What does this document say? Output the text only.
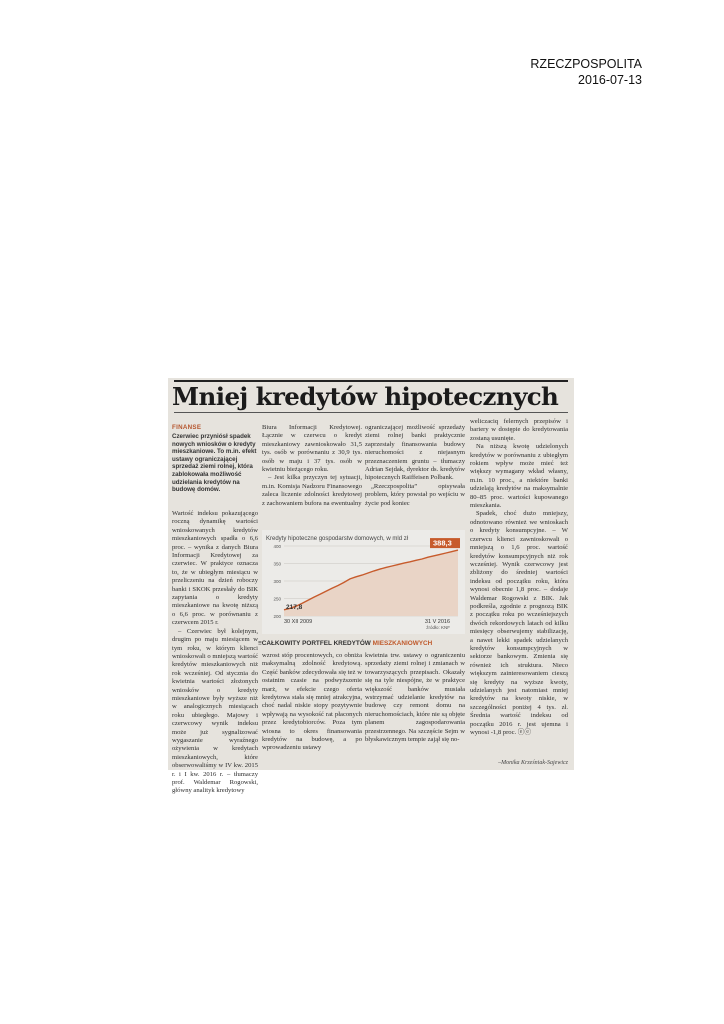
RZECZPOSPOLITA
2016-07-13
Mniej kredytów hipotecznych
FINANSE
Czerwiec przyniósł spadek nowych wniosków o kredyty mieszkaniowe. To m.in. efekt ustawy ograniczającej sprzedaż ziemi rolnej, która zablokowała możliwość udzielania kredytów na budowę domów.

Wartość indeksu pokazującego roczną dynamikę wartości wnioskowanych kredytów mieszkaniowych spadła o 6,6 proc. – wynika z danych Biura Informacji Kredytowej za czerwiec. W praktyce oznacza to, że w ubiegłym miesiącu w przeliczeniu na dzień roboczy banki i SKOK przesłały do BIK zapytania o kredyty mieszkaniowe na kwotę niższą o 6,6 proc. w porównaniu z czerwcem 2015 r.

– Czerwiec był kolejnym, drugim po maju miesiącem w tym roku, w którym klienci wnioskowali o mniejszą wartość kredytów mieszkaniowych niż rok wcześniej. Od stycznia do kwietnia wartości złożonych wniosków o kredyty mieszkaniowe były wyższe niż w analogicznych miesiącach roku ubiegłego. Majowy i czerwcowy wynik indeksu może już sygnalizować wygaszanie wyraźnego ożywienia w kredytach mieszkaniowych, które obserwowaliśmy w IV kw. 2015 r. i I kw. 2016 r. – tłumaczy prof. Waldemar Rogowski, główny analityk kredytowy

Biura Informacji Kredytowej. Łącznie w czerwcu o kredyt mieszkaniowy zawnioskowało 31,5 tys. osób w porównaniu z 30,9 tys. osób w maju i 37 tys. osób w kwietniu bieżącego roku.

– Jest kilka przyczyn tej sytuacji, m.in. Komisja Nadzoru Finansowego zaleca liczenie zdolności kredytowej z zachowaniem bufora na ewentualny

ograniczającej możliwość sprzedaży ziemi rolnej banki praktycznie zaprzestały finansowania budowy nieruchomości z niejasnym przeznaczeniem gruntu – tłumaczy Adrian Sejdak, dyrektor ds. kredytów hipotecznych Raiffeisen Polbank.

„Rzeczpospolita” opisywała problem, który powstał po wejściu w życie pod koniec

weliczaciq felernych przepisów i bariery w dostępie do kredytowania zostaną usunięte.

Na niższą kwotę udzielonych kredytów w porównaniu z ubiegłym rokiem wpływ może mieć też większy wymagany wkład własny, m.in. 10 proc., a niektóre banki udzielają kredytów na maksymalnie 80–85 proc. wartości kupowanego mieszkania.

Spadek, choć dużo mniejszy, odnotowano również we wnioskach o kredyty konsumpcyjne. – W czerwcu klienci zawnioskowali o mniejszą o 1,6 proc. wartość kredytów konsumpcyjnych niż rok wcześniej. Wynik czerwcowy jest zbliżony do średniej wartości indeksu od początku roku, która wynosi obecnie 1,8 proc. – dodaje Waldemar Rogowski z BIK. Jak podkreśla, zgodnie z prognozą BIK z początku roku po wcześniejszych dwóch rekordowych latach od kilku miesięcy obserwujemy stabilizację, a nawet lekki spadek udzielanych kredytów konsumpcyjnych w sektorze bankowym. Zmienia się również ich struktura. Nieco większym zainteresowaniem cieszą się kredyty na wyższe kwoty, udzielanych jest natomiast mniej kredytów na kwoty niskie, w szczególności poniżej 4 tys. zł. Średnia wartość indeksu od początku 2016 r. jest ujemna i wynosi -1,8 proc. ⓔⓔ

Kredyty hipoteczne gospodarstw domowych, w mld zł
200
250
300
350
400	388,3
217,8
30 XII 2009	31 V 2016
źródło: KNF
≡CAŁKOWITY PORTFEL KREDYTÓW MIESZKANIOWYCH

wzrost stóp procentowych, co obniża maksymalną zdolność kredytową. Część banków zdecydowała się też w ostatnim czasie na podwyższenie marż, w efekcie czego oferta kredytowa stała się mniej atrakcyjna, choć nadal niskie stopy pozytywnie wpływają na wysokość rat płaconych przez kredytobiorców. Poza tym wiosna to okres finansowania kredytów na budowę, a po wprowadzeniu ustawy

kwietnia trw. ustawy o ograniczeniu sprzedaży ziemi rolnej i zmianach w towarzyszących przepisach. Okazały się na tyle niespójne, że w praktyce większość banków musiała wstrzymać udzielanie kredytów na budowę czy remont domu na nieruchomościach, które nie są objęte planem zagospodarowania przestrzennego. Na szczęście Sejm w błyskawicznym tempie zajął się no-

–Monika Krześniak-Sajewicz
